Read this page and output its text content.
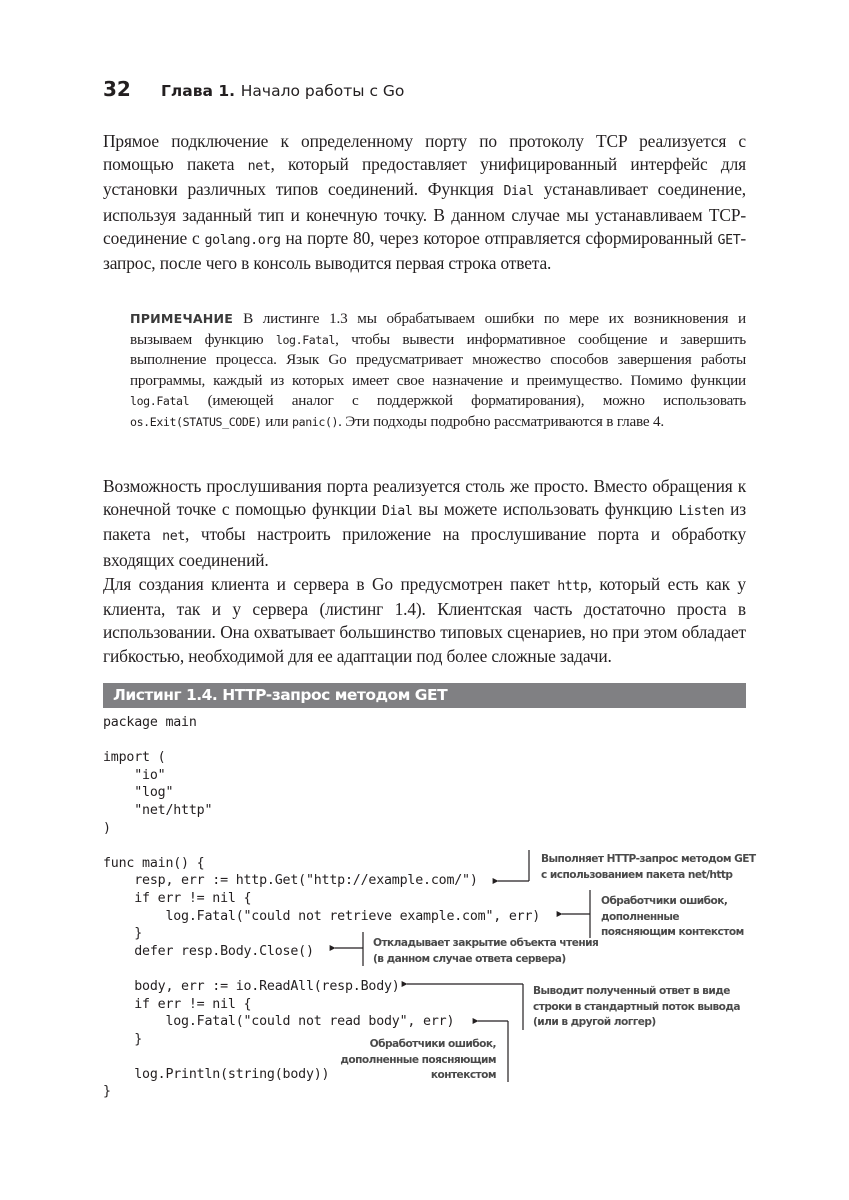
32 Глава 1. Начало работы с Go
Прямое подключение к определенному порту по протоколу TCP реализуется с помощью пакета net, который предоставляет унифицированный интерфейс для установки различных типов соединений. Функция Dial устанавливает соединение, используя заданный тип и конечную точку. В данном случае мы устанавливаем TCP-соединение с golang.org на порте 80, через которое отправляется сформированный GET-запрос, после чего в консоль выводится первая строка ответа.
ПРИМЕЧАНИЕ В листинге 1.3 мы обрабатываем ошибки по мере их возникновения и вызываем функцию log.Fatal, чтобы вывести информативное сообщение и завершить выполнение процесса. Язык Go предусматривает множество способов завершения работы программы, каждый из которых имеет свое назначение и преимущество. Помимо функции log.Fatal (имеющей аналог с поддержкой форматирования), можно использовать os.Exit(STATUS_CODE) или panic(). Эти подходы подробно рассматриваются в главе 4.
Возможность прослушивания порта реализуется столь же просто. Вместо обращения к конечной точке с помощью функции Dial вы можете использовать функцию Listen из пакета net, чтобы настроить приложение на прослушивание порта и обработку входящих соединений.
Для создания клиента и сервера в Go предусмотрен пакет http, который есть как у клиента, так и у сервера (листинг 1.4). Клиентская часть достаточно проста в использовании. Она охватывает большинство типовых сценариев, но при этом обладает гибкостью, необходимой для ее адаптации под более сложные задачи.
Листинг 1.4. HTTP-запрос методом GET
package main

import (
"io"
"log"
"net/http"
)

func main() {
resp, err := http.Get("http://example.com/")
if err != nil {
log.Fatal("could not retrieve example.com", err)
}
defer resp.Body.Close()

body, err := io.ReadAll(resp.Body)
if err != nil {
log.Fatal("could not read body", err)
}

log.Println(string(body))
}
Выполняет HTTP-запрос методом GET
с использованием пакета net/http
Обработчики ошибок,
дополненные
поясняющим контекстом
Откладывает закрытие объекта чтения
(в данном случае ответа сервера)
Выводит полученный ответ в виде
строки в стандартный поток вывода
(или в другой логгер)
Обработчики ошибок,
дополненные поясняющим
контекстом
